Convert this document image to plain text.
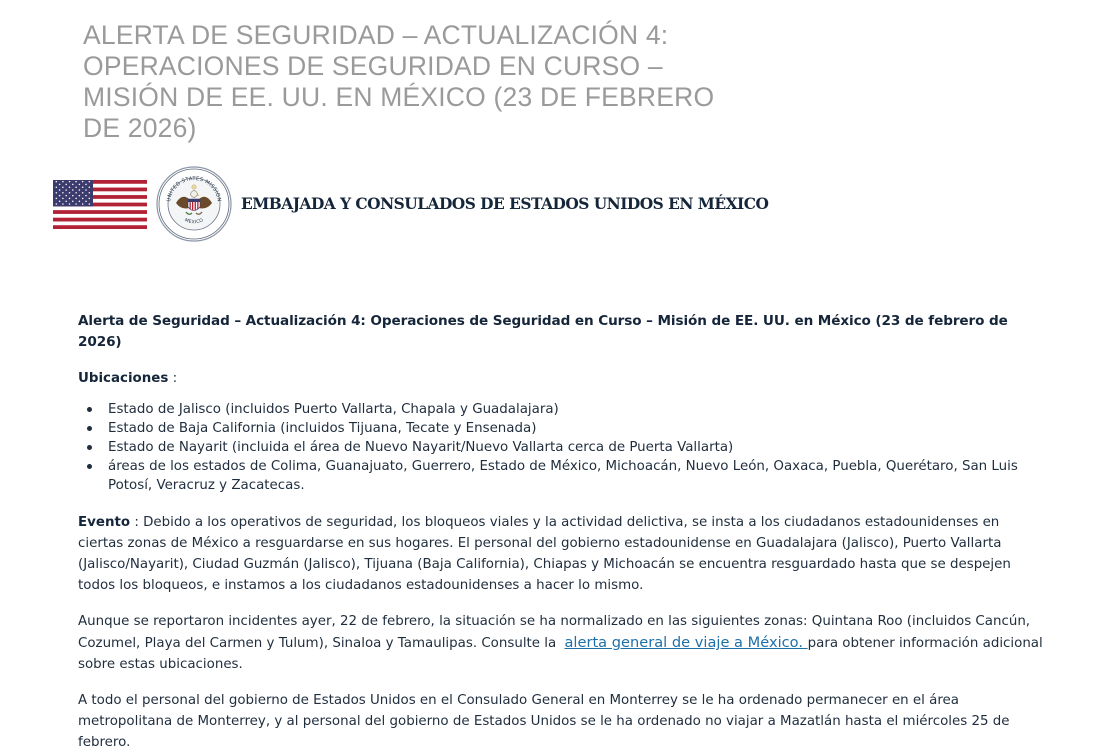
ALERTA DE SEGURIDAD – ACTUALIZACIÓN 4: OPERACIONES DE SEGURIDAD EN CURSO – MISIÓN DE EE. UU. EN MÉXICO (23 DE FEBRERO DE 2026)
UNITED STATES MISSION
MEXICO
EMBAJADA Y CONSULADOS DE ESTADOS UNIDOS EN MÉXICO

Alerta de Seguridad – Actualización 4: Operaciones de Seguridad en Curso – Misión de EE. UU. en México (23 de febrero de 2026)

Ubicaciones :

Estado de Jalisco (incluidos Puerto Vallarta, Chapala y Guadalajara)
Estado de Baja California (incluidos Tijuana, Tecate y Ensenada)
Estado de Nayarit (incluida el área de Nuevo Nayarit/Nuevo Vallarta cerca de Puerta Vallarta)
áreas de los estados de Colima, Guanajuato, Guerrero, Estado de México, Michoacán, Nuevo León, Oaxaca, Puebla, Querétaro, San Luis Potosí, Veracruz y Zacatecas.

Evento : Debido a los operativos de seguridad, los bloqueos viales y la actividad delictiva, se insta a los ciudadanos estadounidenses en ciertas zonas de México a resguardarse en sus hogares. El personal del gobierno estadounidense en Guadalajara (Jalisco), Puerto Vallarta (Jalisco/Nayarit), Ciudad Guzmán (Jalisco), Tijuana (Baja California), Chiapas y Michoacán se encuentra resguardado hasta que se despejen todos los bloqueos, e instamos a los ciudadanos estadounidenses a hacer lo mismo.

Aunque se reportaron incidentes ayer, 22 de febrero, la situación se ha normalizado en las siguientes zonas: Quintana Roo (incluidos Cancún, Cozumel, Playa del Carmen y Tulum), Sinaloa y Tamaulipas. Consulte la alerta general de viaje a México. para obtener información adicional sobre estas ubicaciones.

A todo el personal del gobierno de Estados Unidos en el Consulado General en Monterrey se le ha ordenado permanecer en el área metropolitana de Monterrey, y al personal del gobierno de Estados Unidos se le ha ordenado no viajar a Mazatlán hasta el miércoles 25 de febrero.
